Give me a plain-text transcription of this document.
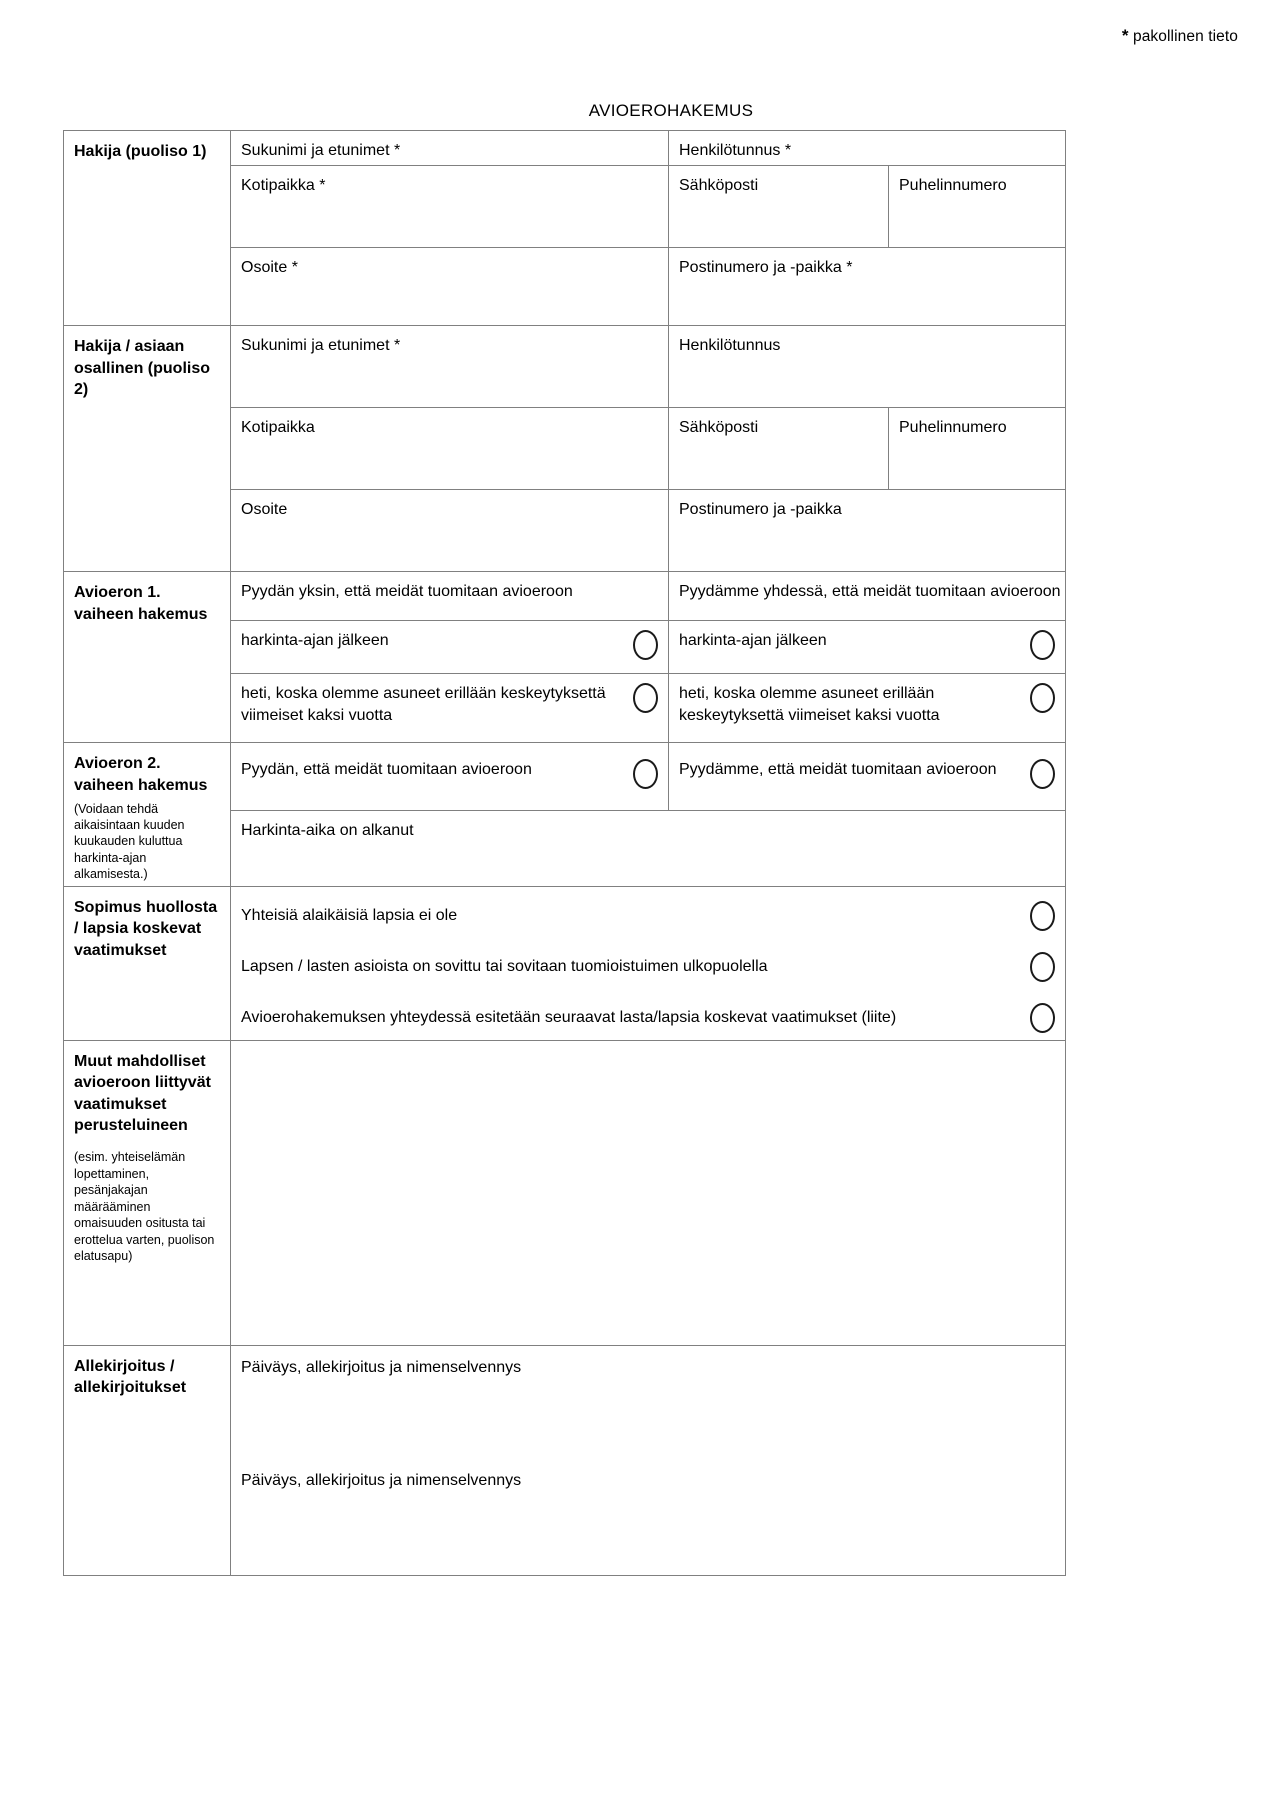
* pakollinen tieto
AVIOEROHAKEMUS
Hakija (puoliso 1)	Sukunimi ja etunimet *	Henkilötunnus *	
	Kotipaikka *	Sähköposti	Puhelinnumero
	Osoite *	Postinumero ja -paikka *	
Hakija / asiaan osallinen (puoliso 2)	Sukunimi ja etunimet *	Henkilötunnus	
	Kotipaikka	Sähköposti	Puhelinnumero
	Osoite	Postinumero ja -paikka	
Avioeron 1. vaiheen hakemus	Pyydän yksin, että meidät tuomitaan avioeroon	Pyydämme yhdessä, että meidät tuomitaan avioeroon	

	harkinta-ajan jälkeen	harkinta-ajan jälkeen	

	heti, koska olemme asuneet erillään keskeytyksettä viimeiset kaksi vuotta	heti, koska olemme asuneet erillään keskeytyksettä viimeiset kaksi vuotta	

Avioeron 2. vaiheen hakemus
(Voidaan tehdä aikaisintaan kuuden kuukauden kuluttua harkinta-ajan alkamisesta.)	Pyydän, että meidät tuomitaan avioeroon	Pyydämme, että meidät tuomitaan avioeroon	

	Harkinta-aika on alkanut		
Sopimus huollosta / lapsia koskevat vaatimukset	Yhteisiä alaikäisiä lapsia ei ole
Lapsen / lasten asioista on sovittu tai sovitaan tuomioistuimen ulkopuolella
Avioerohakemuksen yhteydessä esitetään seuraavat lasta/lapsia koskevat vaatimukset (liite)		

Muut mahdolliset avioeroon liittyvät vaatimukset perusteluineen
(esim. yhteiselämän lopettaminen, pesänjakajan määrääminen omaisuuden ositusta tai erottelua varten, puolison elatusapu)			

Allekirjoitus / allekirjoitukset	Päiväys, allekirjoitus ja nimenselvennys
Päiväys, allekirjoitus ja nimenselvennys		
